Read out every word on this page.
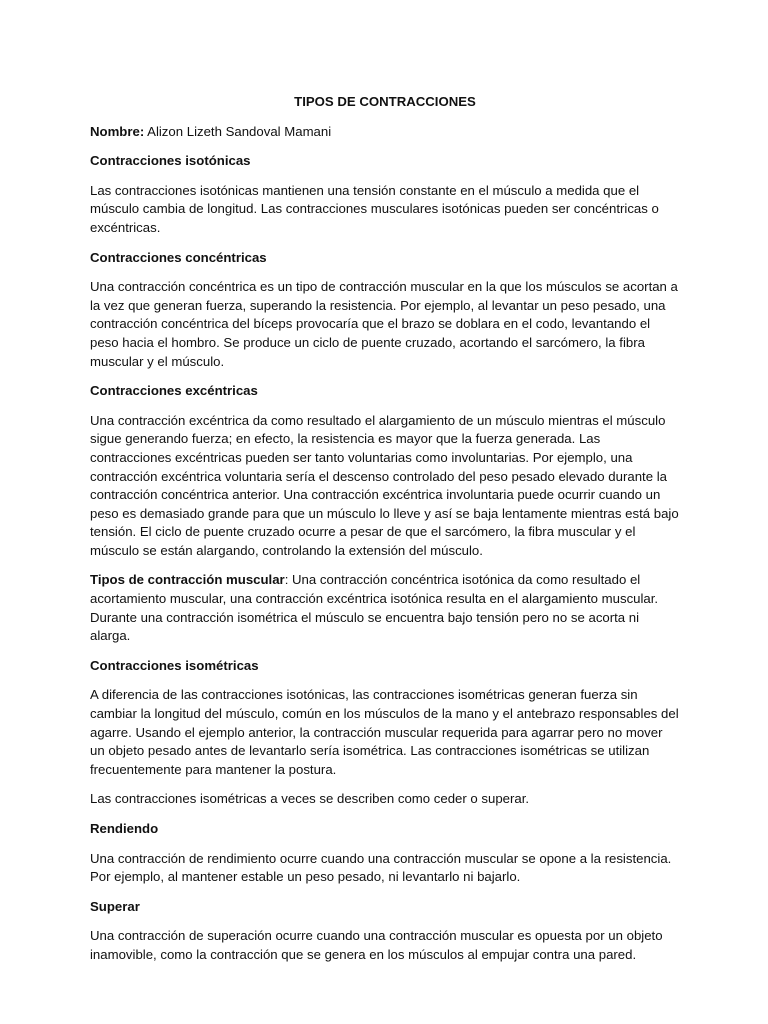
TIPOS DE CONTRACCIONES
Nombre: Alizon Lizeth Sandoval Mamani
Contracciones isotónicas
Las contracciones isotónicas mantienen una tensión constante en el músculo a medida que el músculo cambia de longitud. Las contracciones musculares isotónicas pueden ser concéntricas o excéntricas.
Contracciones concéntricas
Una contracción concéntrica es un tipo de contracción muscular en la que los músculos se acortan a la vez que generan fuerza, superando la resistencia. Por ejemplo, al levantar un peso pesado, una contracción concéntrica del bíceps provocaría que el brazo se doblara en el codo, levantando el peso hacia el hombro. Se produce un ciclo de puente cruzado, acortando el sarcómero, la fibra muscular y el músculo.
Contracciones excéntricas
Una contracción excéntrica da como resultado el alargamiento de un músculo mientras el músculo sigue generando fuerza; en efecto, la resistencia es mayor que la fuerza generada. Las contracciones excéntricas pueden ser tanto voluntarias como involuntarias. Por ejemplo, una contracción excéntrica voluntaria sería el descenso controlado del peso pesado elevado durante la contracción concéntrica anterior. Una contracción excéntrica involuntaria puede ocurrir cuando un peso es demasiado grande para que un músculo lo lleve y así se baja lentamente mientras está bajo tensión. El ciclo de puente cruzado ocurre a pesar de que el sarcómero, la fibra muscular y el músculo se están alargando, controlando la extensión del músculo.
Tipos de contracción muscular: Una contracción concéntrica isotónica da como resultado el acortamiento muscular, una contracción excéntrica isotónica resulta en el alargamiento muscular. Durante una contracción isométrica el músculo se encuentra bajo tensión pero no se acorta ni alarga.
Contracciones isométricas
A diferencia de las contracciones isotónicas, las contracciones isométricas generan fuerza sin cambiar la longitud del músculo, común en los músculos de la mano y el antebrazo responsables del agarre. Usando el ejemplo anterior, la contracción muscular requerida para agarrar pero no mover un objeto pesado antes de levantarlo sería isométrica. Las contracciones isométricas se utilizan frecuentemente para mantener la postura.
Las contracciones isométricas a veces se describen como ceder o superar.
Rendiendo
Una contracción de rendimiento ocurre cuando una contracción muscular se opone a la resistencia. Por ejemplo, al mantener estable un peso pesado, ni levantarlo ni bajarlo.
Superar
Una contracción de superación ocurre cuando una contracción muscular es opuesta por un objeto inamovible, como la contracción que se genera en los músculos al empujar contra una pared.
